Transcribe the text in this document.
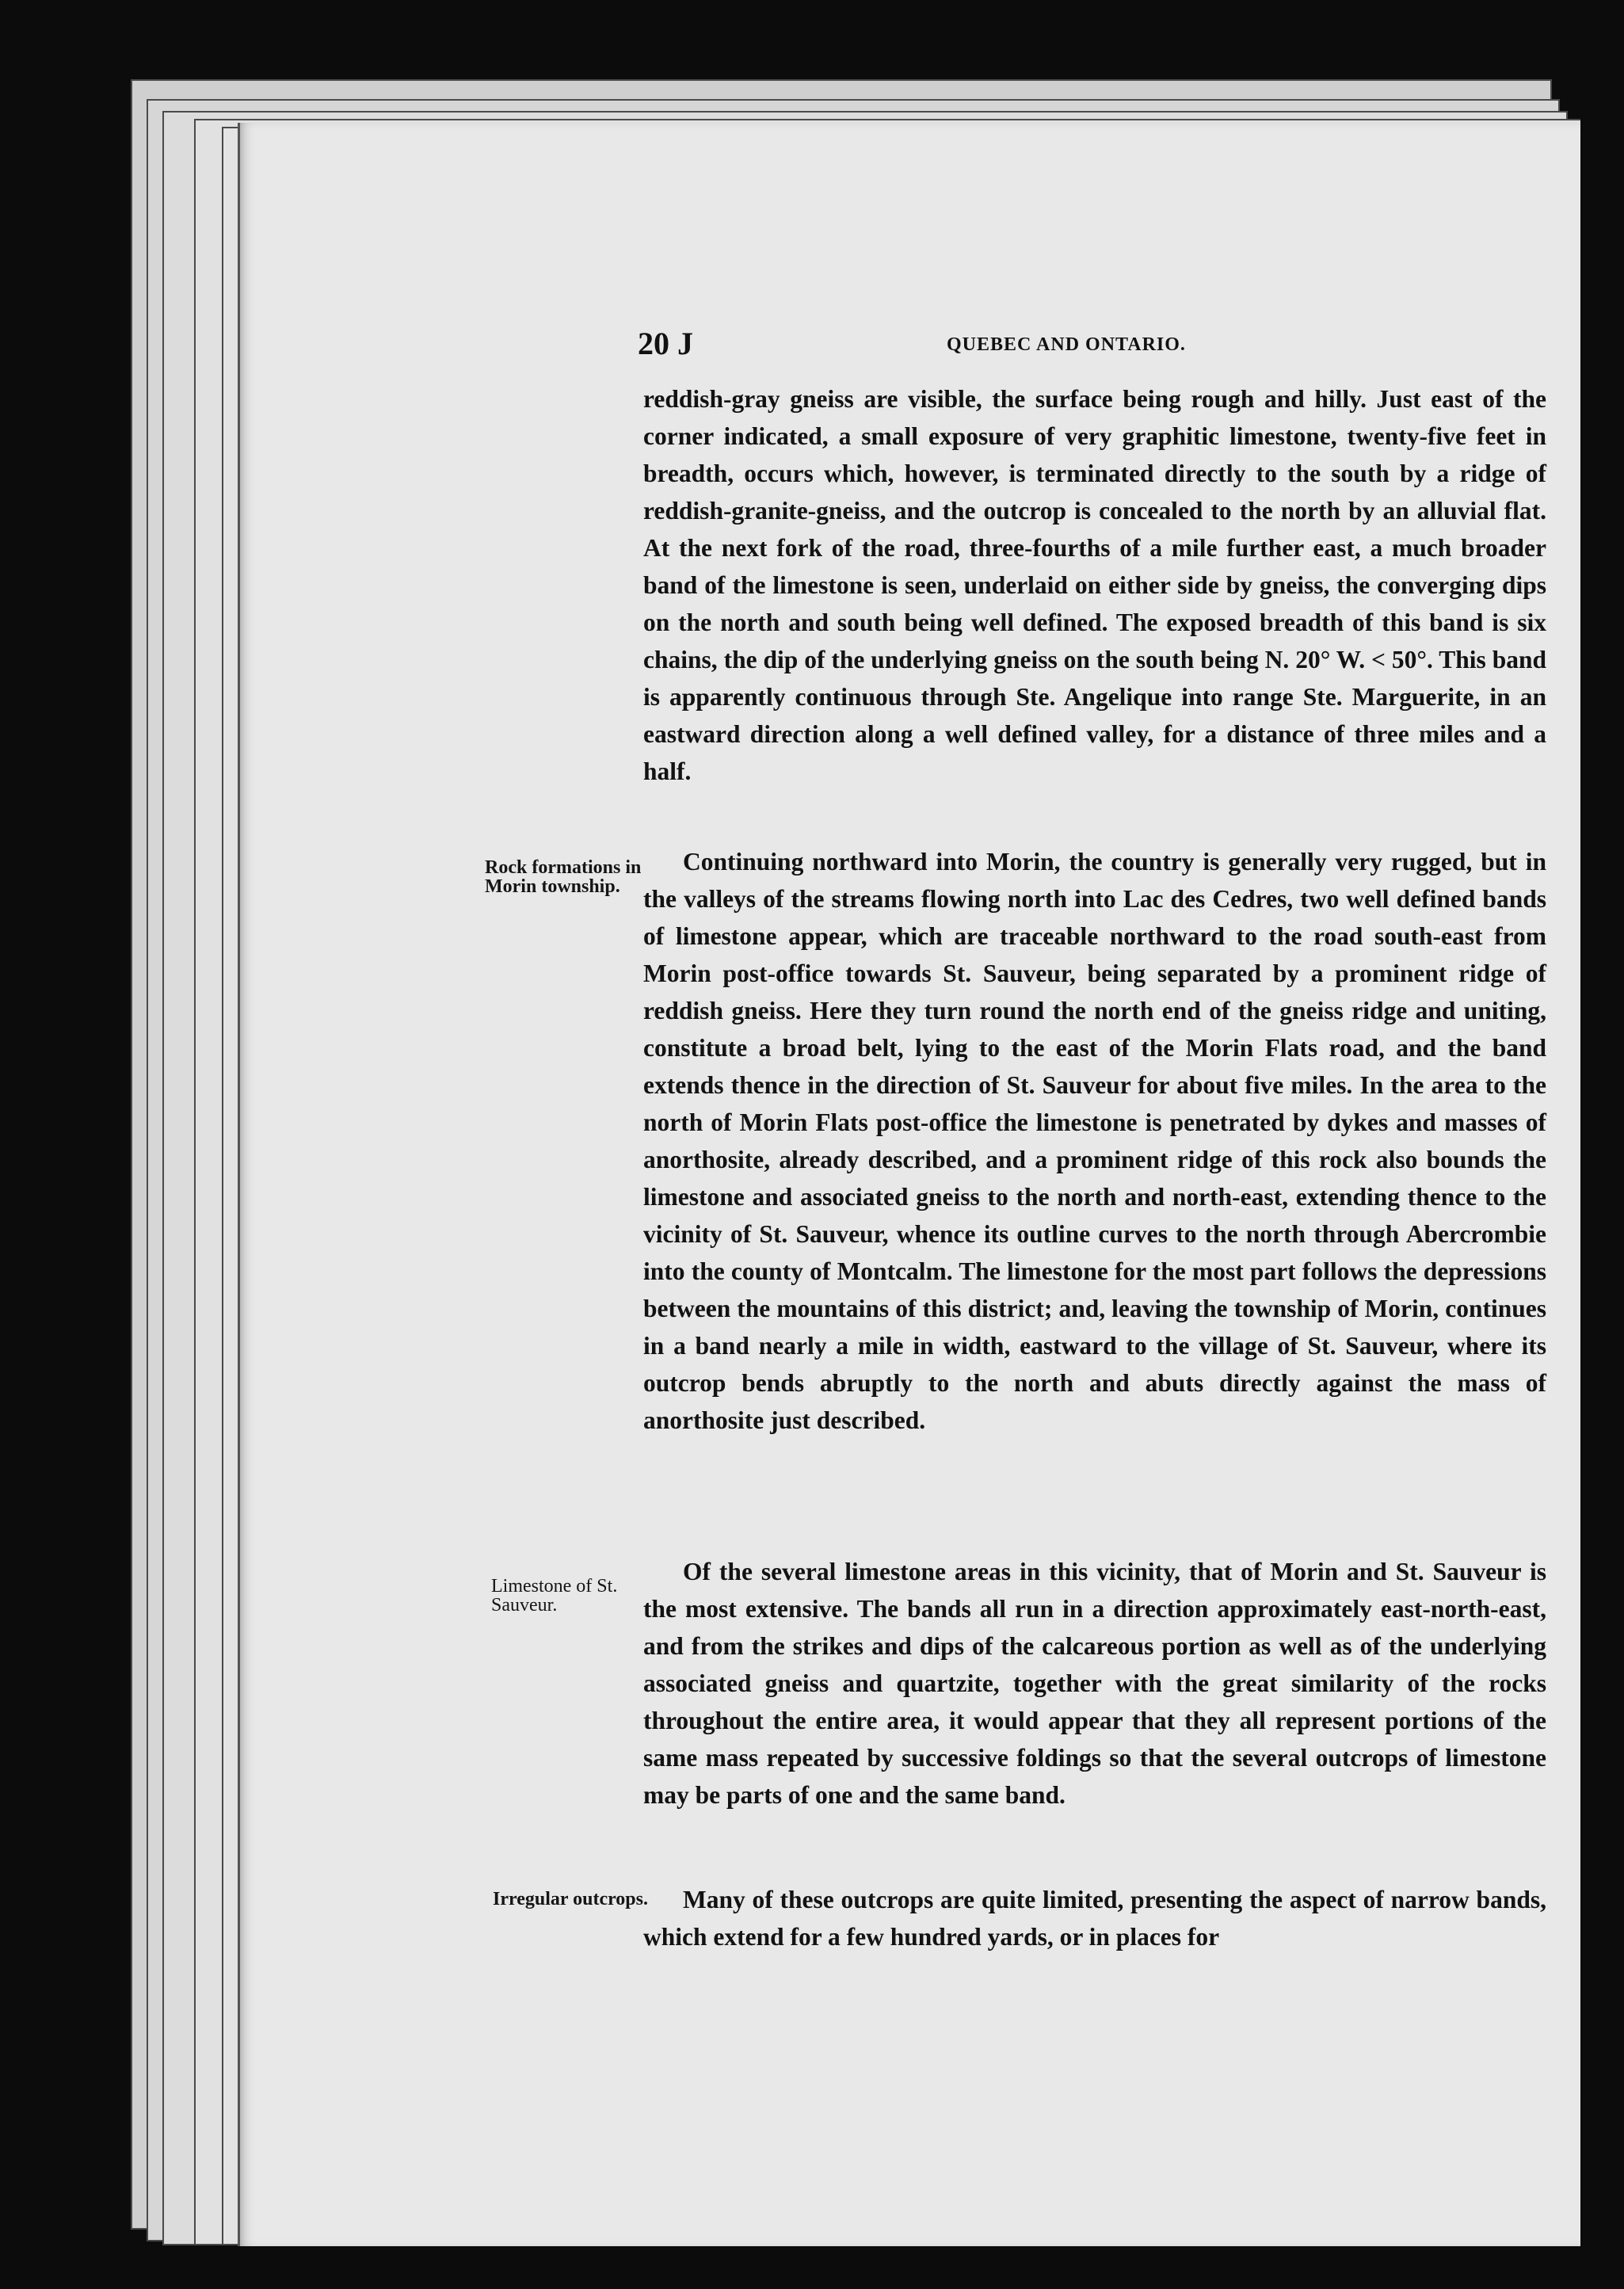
20 J	QUEBEC AND ONTARIO.

reddish-gray gneiss are visible, the surface being rough and hilly. Just east of the corner indicated, a small exposure of very graphitic limestone, twenty-five feet in breadth, occurs which, however, is terminated directly to the south by a ridge of reddish-granite-gneiss, and the outcrop is concealed to the north by an alluvial flat. At the next fork of the road, three-fourths of a mile further east, a much broader band of the limestone is seen, underlaid on either side by gneiss, the converging dips on the north and south being well defined. The exposed breadth of this band is six chains, the dip of the underlying gneiss on the south being N. 20° W. < 50°. This band is apparently continuous through Ste. Angelique into range Ste. Marguerite, in an eastward direction along a well defined valley, for a distance of three miles and a half.

Rock formations in Morin township.

Continuing northward into Morin, the country is generally very rugged, but in the valleys of the streams flowing north into Lac des Cedres, two well defined bands of limestone appear, which are traceable northward to the road south-east from Morin post-office towards St. Sauveur, being separated by a prominent ridge of reddish gneiss. Here they turn round the north end of the gneiss ridge and uniting, constitute a broad belt, lying to the east of the Morin Flats road, and the band extends thence in the direction of St. Sauveur for about five miles. In the area to the north of Morin Flats post-office the limestone is penetrated by dykes and masses of anorthosite, already described, and a prominent ridge of this rock also bounds the limestone and associated gneiss to the north and north-east, extending thence to the vicinity of St. Sauveur, whence its outline curves to the north through Abercrombie into the county of Montcalm. The limestone for the most part follows the depressions between the mountains of this district; and, leaving the township of Morin, continues in a band nearly a mile in width, eastward to the village of St. Sauveur, where its outcrop bends abruptly to the north and abuts directly against the mass of anorthosite just described.

Limestone of St. Sauveur.

Of the several limestone areas in this vicinity, that of Morin and St. Sauveur is the most extensive. The bands all run in a direction approximately east-north-east, and from the strikes and dips of the calcareous portion as well as of the underlying associated gneiss and quartzite, together with the great similarity of the rocks throughout the entire area, it would appear that they all represent portions of the same mass repeated by successive foldings so that the several outcrops of limestone may be parts of one and the same band.

Irregular outcrops.	Many of these outcrops are quite limited, presenting the aspect of narrow bands, which extend for a few hundred yards, or in places for
